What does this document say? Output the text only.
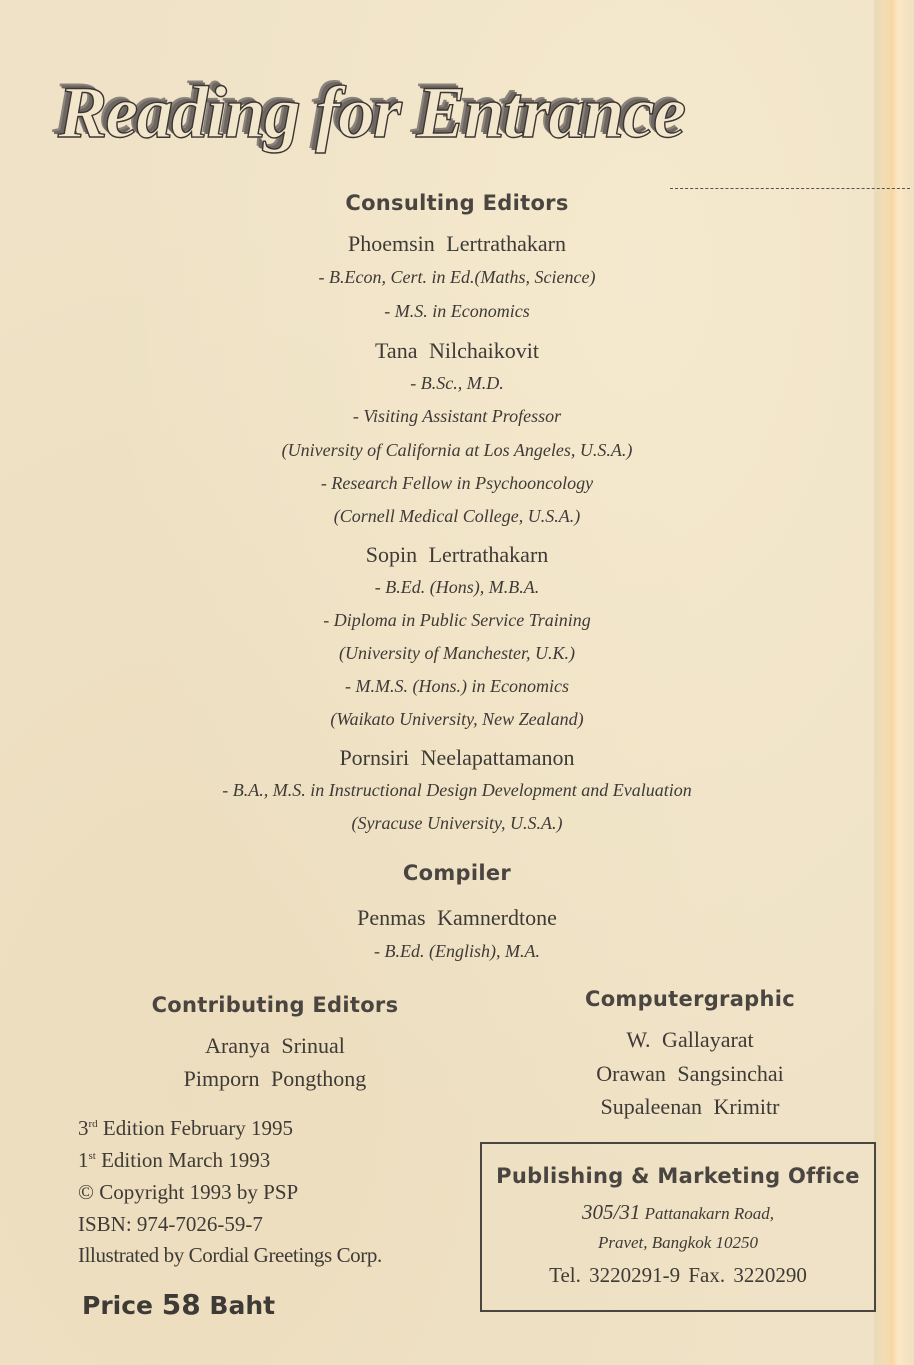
Reading for Entrance
Consulting Editors
Phoemsin Lertrathakarn
- B.Econ, Cert. in Ed.(Maths, Science)
- M.S. in Economics
Tana Nilchaikovit
- B.Sc., M.D.
- Visiting Assistant Professor
(University of California at Los Angeles, U.S.A.)
- Research Fellow in Psychooncology
(Cornell Medical College, U.S.A.)
Sopin Lertrathakarn
- B.Ed. (Hons), M.B.A.
- Diploma in Public Service Training
(University of Manchester, U.K.)
- M.M.S. (Hons.) in Economics
(Waikato University, New Zealand)
Pornsiri Neelapattamanon
- B.A., M.S. in Instructional Design Development and Evaluation
(Syracuse University, U.S.A.)
Compiler
Penmas Kamnerdtone
- B.Ed. (English), M.A.
Contributing Editors
Aranya Srinual
Pimporn Pongthong
Computergraphic
W. Gallayarat
Orawan Sangsinchai
Supaleenan Krimitr
3rd Edition February 1995
1st Edition March 1993
© Copyright 1993 by PSP
ISBN: 974-7026-59-7
Illustrated by Cordial Greetings Corp.
Price 58 Baht
Publishing & Marketing Office
305/31 Pattanakarn Road,
Pravet, Bangkok 10250
Tel. 3220291-9 Fax. 3220290
